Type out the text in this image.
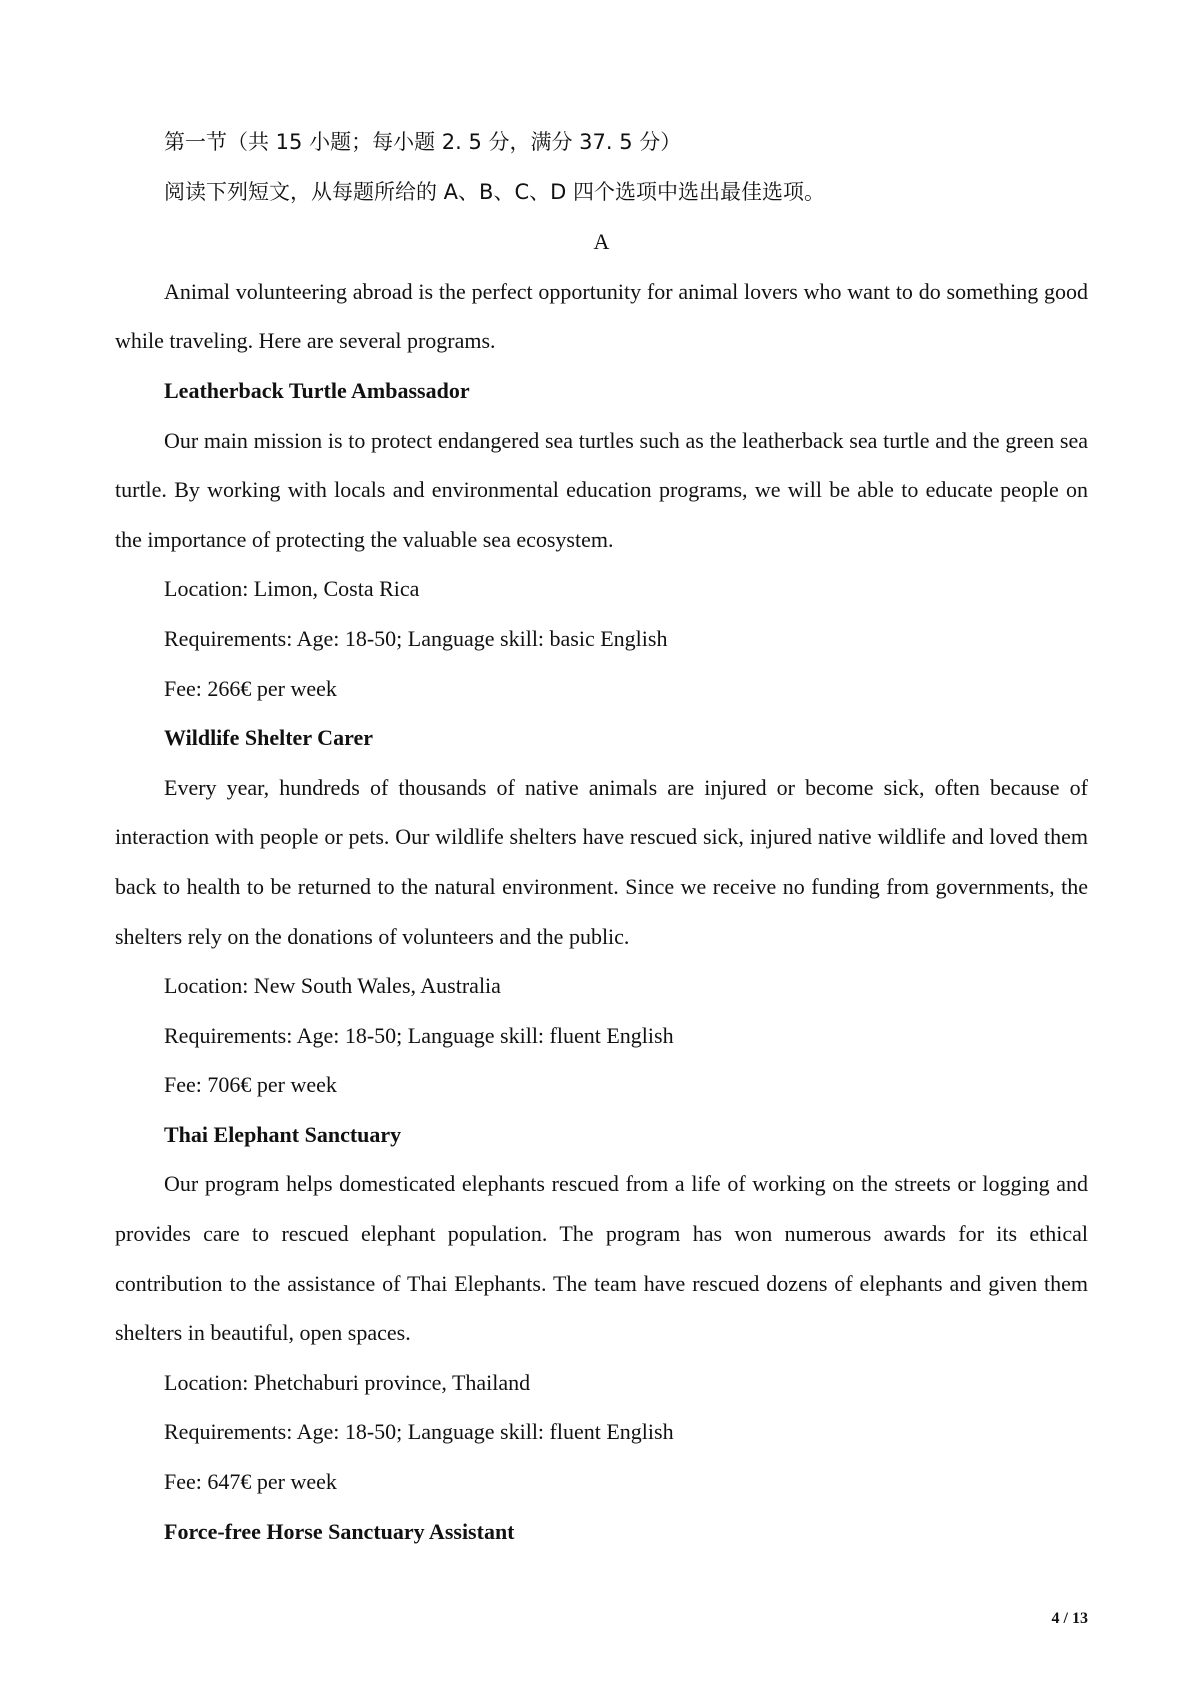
第一节（共 15 小题；每小题 2. 5 分，满分 37. 5 分）

阅读下列短文，从每题所给的 A、B、C、D 四个选项中选出最佳选项。

A

Animal volunteering abroad is the perfect opportunity for animal lovers who want to do something good while traveling. Here are several programs.

Leatherback Turtle Ambassador

Our main mission is to protect endangered sea turtles such as the leatherback sea turtle and the green sea turtle. By working with locals and environmental education programs, we will be able to educate people on the importance of protecting the valuable sea ecosystem.

Location: Limon, Costa Rica

Requirements: Age: 18-50; Language skill: basic English

Fee: 266€ per week

Wildlife Shelter Carer

Every year, hundreds of thousands of native animals are injured or become sick, often because of interaction with people or pets. Our wildlife shelters have rescued sick, injured native wildlife and loved them back to health to be returned to the natural environment. Since we receive no funding from governments, the shelters rely on the donations of volunteers and the public.

Location: New South Wales, Australia

Requirements: Age: 18-50; Language skill: fluent English

Fee: 706€ per week

Thai Elephant Sanctuary

Our program helps domesticated elephants rescued from a life of working on the streets or logging and provides care to rescued elephant population. The program has won numerous awards for its ethical contribution to the assistance of Thai Elephants. The team have rescued dozens of elephants and given them shelters in beautiful, open spaces.

Location: Phetchaburi province, Thailand

Requirements: Age: 18-50; Language skill: fluent English

Fee: 647€ per week

Force-free Horse Sanctuary Assistant

4 / 13
